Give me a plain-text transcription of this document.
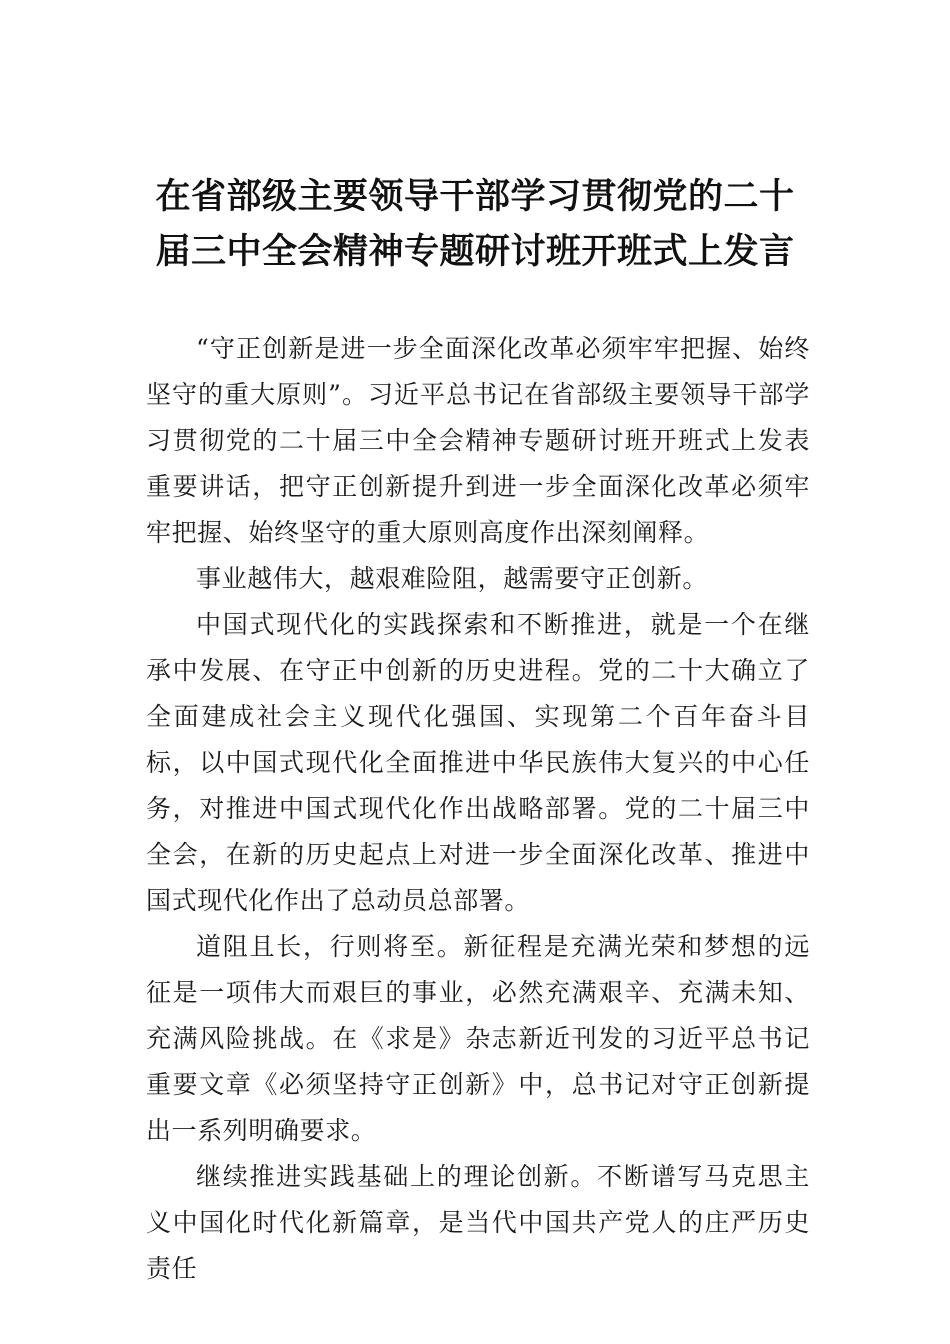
在省部级主要领导干部学习贯彻党的二十
届三中全会精神专题研讨班开班式上发言

“守正创新是进一步全面深化改革必须牢牢把握、始终坚守的重大原则”。习近平总书记在省部级主要领导干部学习贯彻党的二十届三中全会精神专题研讨班开班式上发表重要讲话，把守正创新提升到进一步全面深化改革必须牢牢把握、始终坚守的重大原则高度作出深刻阐释。

事业越伟大，越艰难险阻，越需要守正创新。

中国式现代化的实践探索和不断推进，就是一个在继承中发展、在守正中创新的历史进程。党的二十大确立了全面建成社会主义现代化强国、实现第二个百年奋斗目标，以中国式现代化全面推进中华民族伟大复兴的中心任务，对推进中国式现代化作出战略部署。党的二十届三中全会，在新的历史起点上对进一步全面深化改革、推进中国式现代化作出了总动员总部署。

道阻且长，行则将至。新征程是充满光荣和梦想的远征是一项伟大而艰巨的事业，必然充满艰辛、充满未知、充满风险挑战。在《求是》杂志新近刊发的习近平总书记重要文章《必须坚持守正创新》中，总书记对守正创新提出一系列明确要求。

继续推进实践基础上的理论创新。不断谱写马克思主义中国化时代化新篇章，是当代中国共产党人的庄严历史责任
